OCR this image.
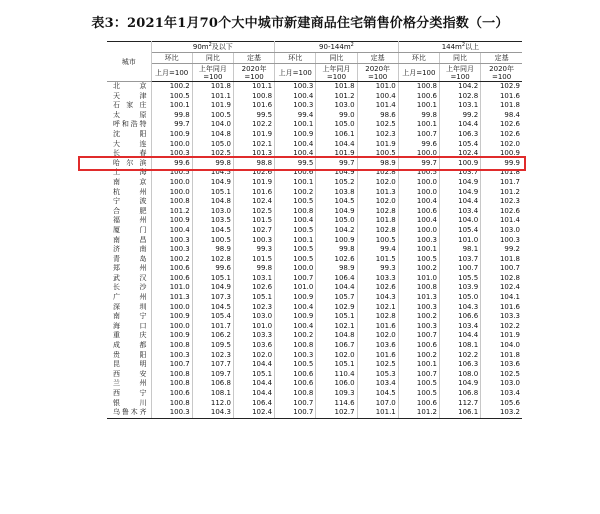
表3：2021年1月70个大中城市新建商品住宅销售价格分类指数（一）
城市	$90m^2$及以下			$90-144m^2$			$144m^2$以上		
	环比	同比	定基	环比	同比	定基	环比	同比	定基
	上月=100	上年同月
=100	2020年
=100	上月=100	上年同月
=100	2020年
=100	上月=100	上年同月
=100	2020年
=100
北　京	100.2	101.8	101.1	100.3	101.8	101.0	100.8	104.2	102.9
天　津	100.5	101.1	100.8	100.4	101.2	100.4	100.6	102.8	101.6
石家庄	100.1	101.9	101.6	100.3	103.0	101.4	100.1	103.1	101.8
太　原	99.8	100.5	99.5	99.4	99.0	98.6	99.8	99.2	98.4
呼和浩特	99.7	104.0	102.2	100.1	105.0	102.5	100.1	104.4	102.6
沈　阳	100.9	104.8	101.9	100.9	106.1	102.3	100.7	106.3	102.6
大　连	100.0	105.0	102.1	100.4	104.4	101.9	99.6	105.4	102.0
长　春	100.3	102.5	101.3	100.4	101.9	100.5	100.0	102.4	100.9
哈尔滨	99.6	99.8	98.8	99.5	99.7	98.9	99.7	100.9	99.9
上　海	100.5	104.5	102.6	100.6	104.9	102.8	100.5	103.7	101.8
南　京	100.0	104.9	101.9	100.1	105.2	102.0	100.0	104.9	101.7
杭　州	100.0	105.1	101.6	100.2	103.8	101.3	100.0	104.9	101.2
宁　波	100.8	104.8	102.4	100.5	104.5	102.0	100.4	104.4	102.3
合　肥	101.2	103.0	102.5	100.8	104.9	102.8	100.6	103.4	102.6
福　州	100.9	103.5	101.5	100.4	105.0	101.8	100.4	104.0	101.4
厦　门	100.4	104.5	102.7	100.5	104.2	102.8	100.0	105.4	103.0
南　昌	100.3	100.5	100.3	100.1	100.9	100.5	100.3	101.0	100.3
济　南	100.3	98.9	99.3	100.5	99.8	99.4	100.1	98.1	99.2
青　岛	100.2	102.8	101.5	100.5	102.6	101.5	100.5	103.7	101.8
郑　州	100.6	99.6	99.8	100.0	98.9	99.3	100.2	100.7	100.7
武　汉	100.6	105.1	103.1	100.7	106.4	103.3	101.0	105.5	102.8
长　沙	101.0	104.9	102.6	101.0	104.4	102.6	100.8	103.9	102.4
广　州	101.3	107.3	105.1	100.9	105.7	104.3	101.3	105.0	104.1
深　圳	100.0	104.5	102.3	100.4	102.9	102.1	100.3	104.3	101.6
南　宁	100.9	105.4	103.0	100.9	105.1	102.8	100.2	106.6	103.3
海　口	100.0	101.7	101.0	100.4	102.1	101.6	100.3	103.4	102.2
重　庆	100.9	106.2	103.3	100.2	104.8	102.0	100.7	104.4	101.9
成　都	100.8	109.5	103.6	100.8	106.7	103.6	100.6	108.1	104.0
贵　阳	100.3	102.3	102.0	100.3	102.0	101.6	100.2	102.2	101.8
昆　明	100.7	107.7	104.4	100.5	105.1	102.5	100.1	106.3	103.6
西　安	100.8	109.7	105.1	100.6	110.4	105.3	100.7	108.0	102.5
兰　州	100.8	106.8	104.4	100.6	106.0	103.4	100.5	104.9	103.0
西　宁	100.6	108.1	104.4	100.8	109.3	104.5	100.5	106.8	103.4
银　川	100.8	112.0	106.4	100.7	114.6	107.0	100.6	112.7	105.6
乌鲁木齐	100.3	104.3	102.4	100.7	102.7	101.1	101.2	106.1	103.2
